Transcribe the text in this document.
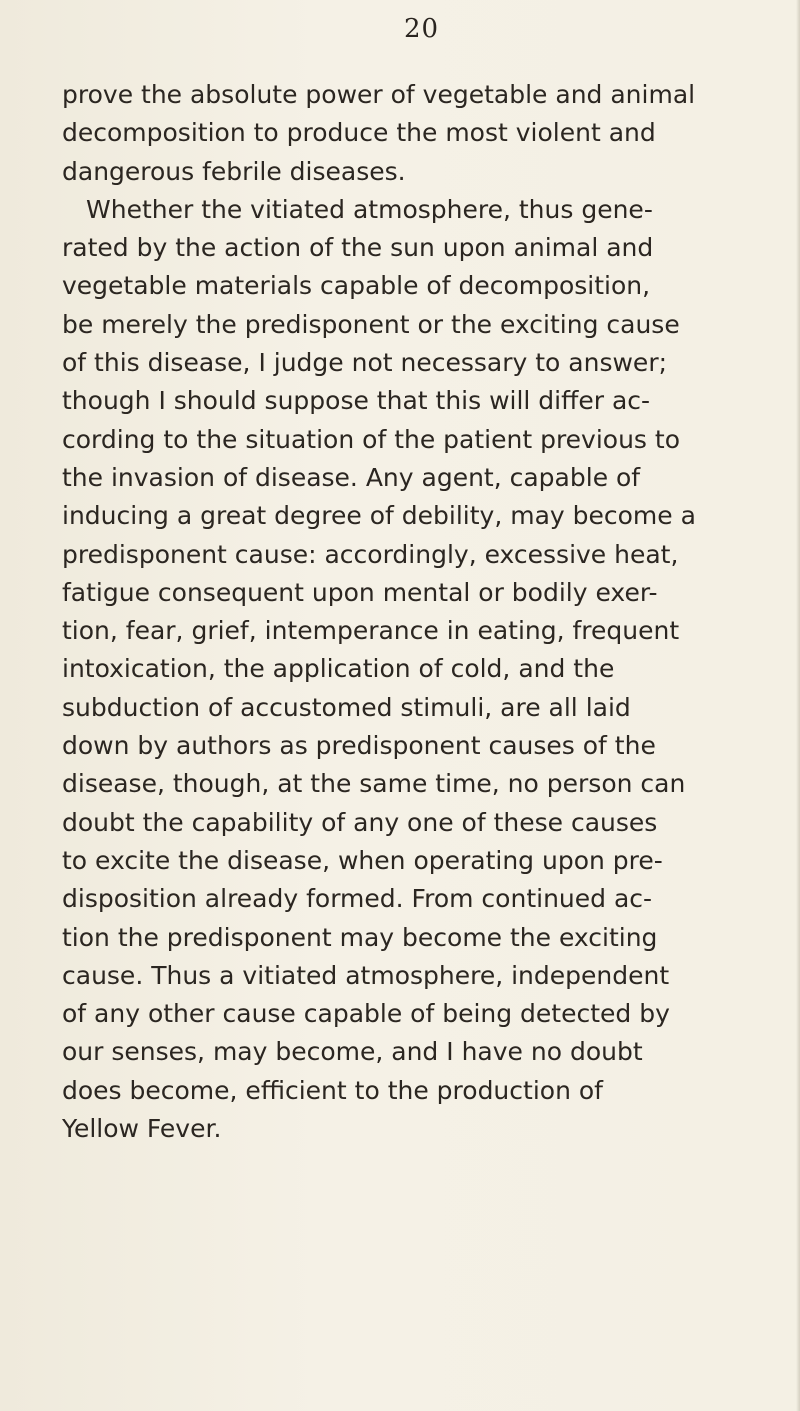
20
prove the absolute power of vegetable and animal
decomposition to produce the most violent and
dangerous febrile diseases.
Whether the vitiated atmosphere, thus gene-
rated by the action of the sun upon animal and
vegetable materials capable of decomposition,
be merely the predisponent or the exciting cause
of this disease, I judge not necessary to answer;
though I should suppose that this will differ ac-
cording to the situation of the patient previous to
the invasion of disease. Any agent, capable of
inducing a great degree of debility, may become a
predisponent cause: accordingly, excessive heat,
fatigue consequent upon mental or bodily exer-
tion, fear, grief, intemperance in eating, frequent
intoxication, the application of cold, and the
subduction of accustomed stimuli, are all laid
down by authors as predisponent causes of the
disease, though, at the same time, no person can
doubt the capability of any one of these causes
to excite the disease, when operating upon pre-
disposition already formed. From continued ac-
tion the predisponent may become the exciting
cause. Thus a vitiated atmosphere, independent
of any other cause capable of being detected by
our senses, may become, and I have no doubt
does become, efficient to the production of
Yellow Fever.
